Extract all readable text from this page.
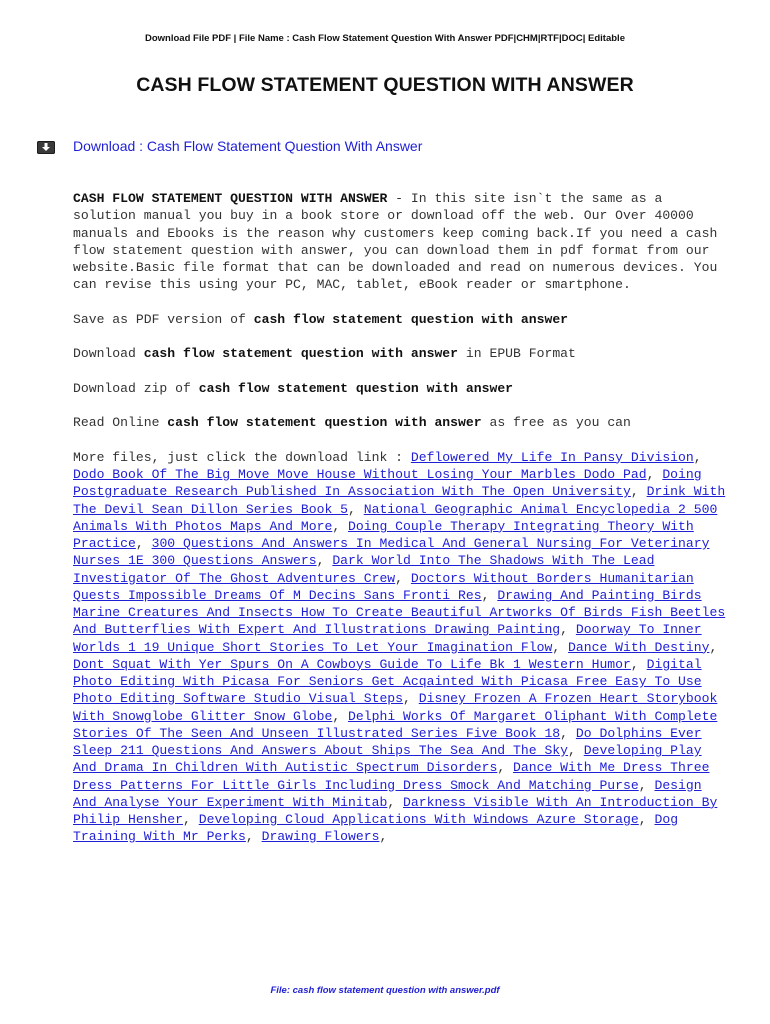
Download File PDF | File Name : Cash Flow Statement Question With Answer PDF|CHM|RTF|DOC| Editable
CASH FLOW STATEMENT QUESTION WITH ANSWER
Download : Cash Flow Statement Question With Answer

CASH FLOW STATEMENT QUESTION WITH ANSWER - In this site isn`t the same as a solution manual you buy in a book store or download off the web. Our Over 40000 manuals and Ebooks is the reason why customers keep coming back.If you need a cash flow statement question with answer, you can download them in pdf format from our website.Basic file format that can be downloaded and read on numerous devices. You can revise this using your PC, MAC, tablet, eBook reader or smartphone.

Save as PDF version of cash flow statement question with answer

Download cash flow statement question with answer in EPUB Format

Download zip of cash flow statement question with answer

Read Online cash flow statement question with answer as free as you can

More files, just click the download link : Deflowered My Life In Pansy Division, Dodo Book Of The Big Move Move House Without Losing Your Marbles Dodo Pad, Doing Postgraduate Research Published In Association With The Open University, Drink With The Devil Sean Dillon Series Book 5, National Geographic Animal Encyclopedia 2 500 Animals With Photos Maps And More, Doing Couple Therapy Integrating Theory With Practice, 300 Questions And Answers In Medical And General Nursing For Veterinary Nurses 1E 300 Questions Answers, Dark World Into The Shadows With The Lead Investigator Of The Ghost Adventures Crew, Doctors Without Borders Humanitarian Quests Impossible Dreams Of M Decins Sans Fronti Res, Drawing And Painting Birds Marine Creatures And Insects How To Create Beautiful Artworks Of Birds Fish Beetles And Butterflies With Expert And Illustrations Drawing Painting, Doorway To Inner Worlds 1 19 Unique Short Stories To Let Your Imagination Flow, Dance With Destiny, Dont Squat With Yer Spurs On A Cowboys Guide To Life Bk 1 Western Humor, Digital Photo Editing With Picasa For Seniors Get Acqainted With Picasa Free Easy To Use Photo Editing Software Studio Visual Steps, Disney Frozen A Frozen Heart Storybook With Snowglobe Glitter Snow Globe, Delphi Works Of Margaret Oliphant With Complete Stories Of The Seen And Unseen Illustrated Series Five Book 18, Do Dolphins Ever Sleep 211 Questions And Answers About Ships The Sea And The Sky, Developing Play And Drama In Children With Autistic Spectrum Disorders, Dance With Me Dress Three Dress Patterns For Little Girls Including Dress Smock And Matching Purse, Design And Analyse Your Experiment With Minitab, Darkness Visible With An Introduction By Philip Hensher, Developing Cloud Applications With Windows Azure Storage, Dog Training With Mr Perks, Drawing Flowers,

File: cash flow statement question with answer.pdf
